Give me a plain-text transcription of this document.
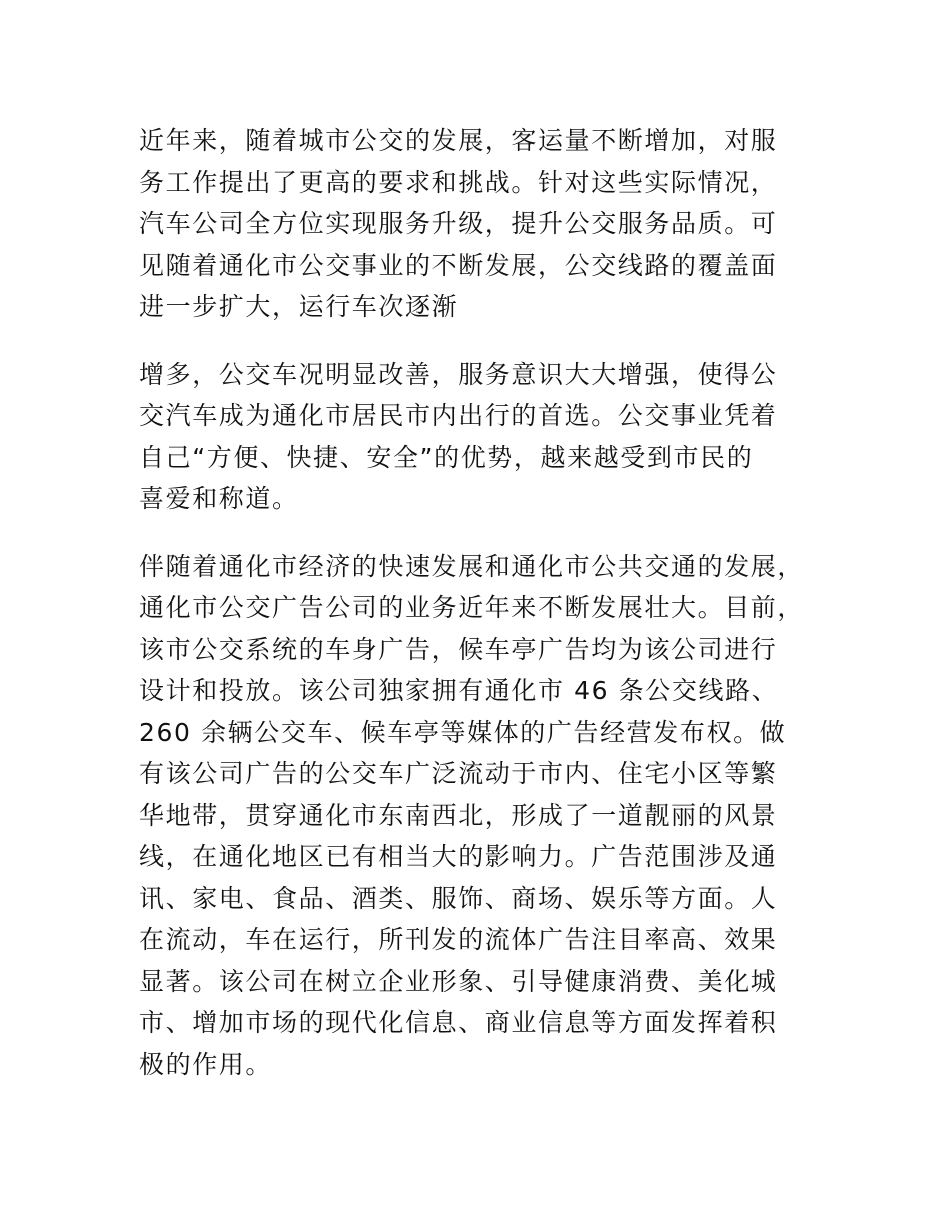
近年来，随着城市公交的发展，客运量不断增加，对服
务工作提出了更高的要求和挑战。针对这些实际情况，
汽车公司全方位实现服务升级，提升公交服务品质。可
见随着通化市公交事业的不断发展，公交线路的覆盖面
进一步扩大，运行车次逐渐

增多，公交车况明显改善，服务意识大大增强，使得公
交汽车成为通化市居民市内出行的首选。公交事业凭着
自己“方便、快捷、安全”的优势，越来越受到市民的
喜爱和称道。

伴随着通化市经济的快速发展和通化市公共交通的发展，
通化市公交广告公司的业务近年来不断发展壮大。目前，
该市公交系统的车身广告，候车亭广告均为该公司进行
设计和投放。该公司独家拥有通化市 46 条公交线路、
260 余辆公交车、候车亭等媒体的广告经营发布权。做
有该公司广告的公交车广泛流动于市内、住宅小区等繁
华地带，贯穿通化市东南西北，形成了一道靓丽的风景
线，在通化地区已有相当大的影响力。广告范围涉及通
讯、家电、食品、酒类、服饰、商场、娱乐等方面。人
在流动，车在运行，所刊发的流体广告注目率高、效果
显著。该公司在树立企业形象、引导健康消费、美化城
市、增加市场的现代化信息、商业信息等方面发挥着积
极的作用。
